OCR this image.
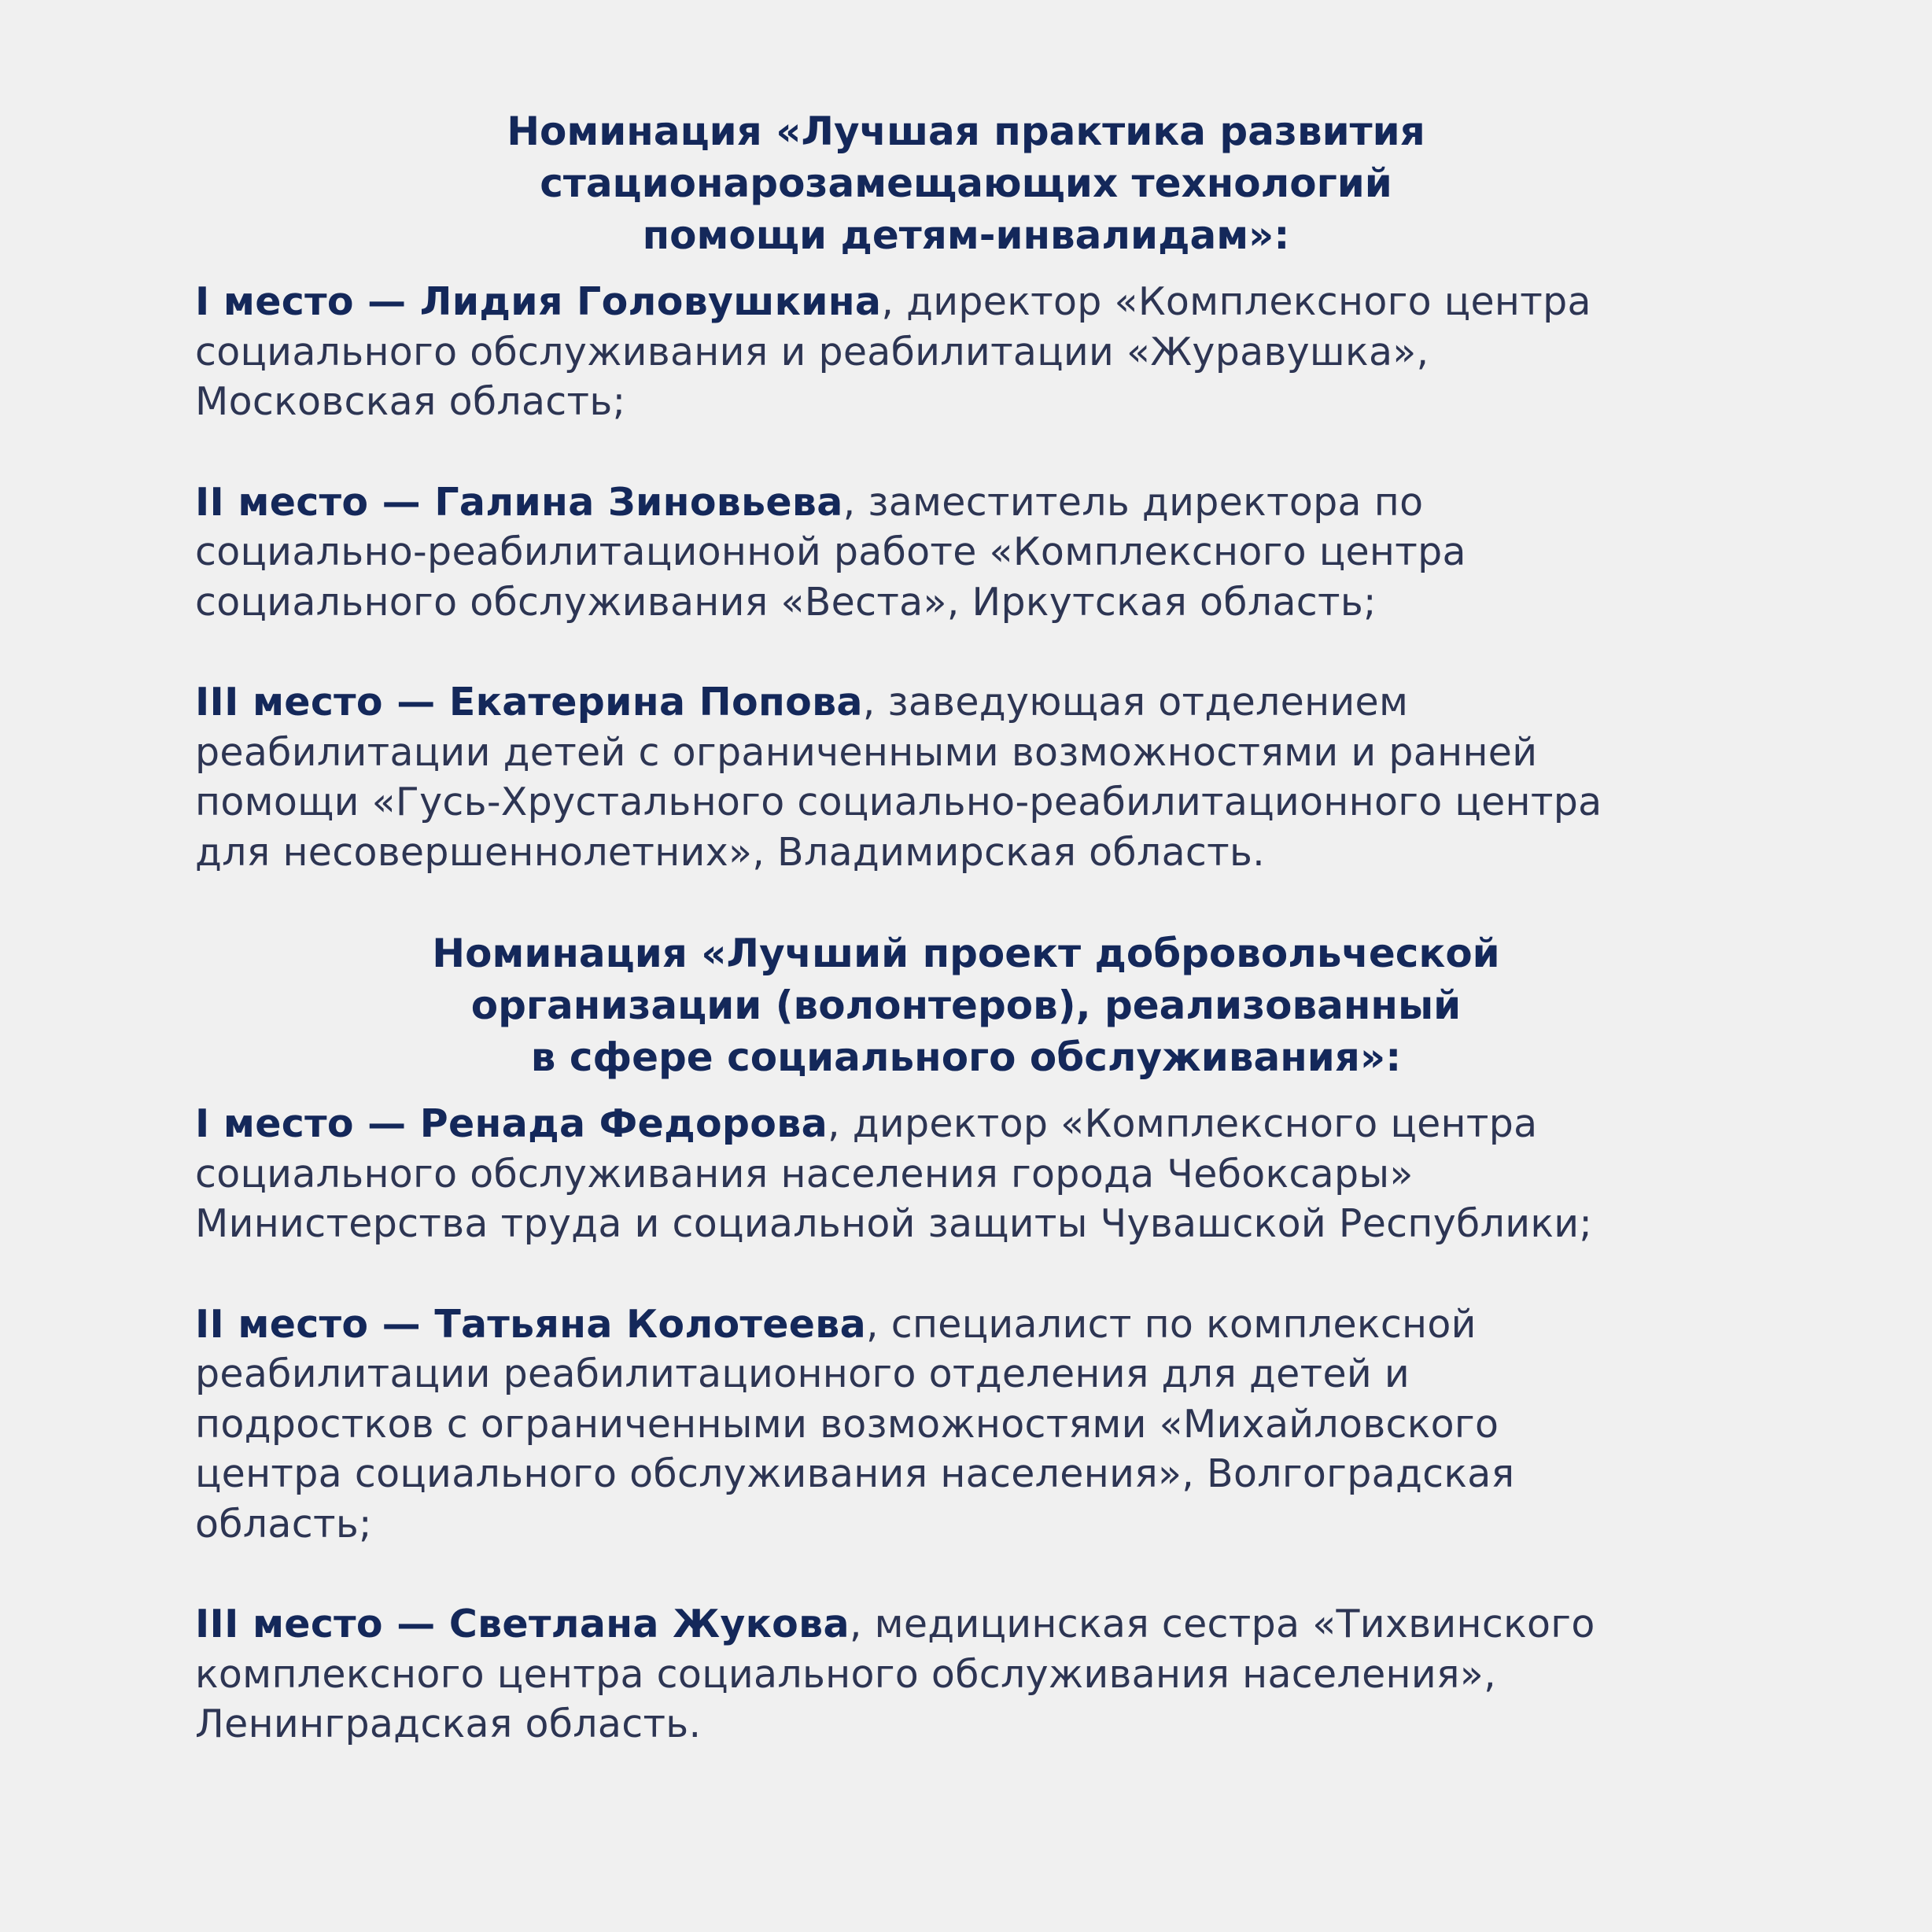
Номинация «Лучшая практика развития
стационарозамещающих технологий
помощи детям-инвалидам»:
I место — Лидия Головушкина, директор «Комплексного центра
социального обслуживания и реабилитации «Журавушка»,
Московская область;
II место — Галина Зиновьева, заместитель директора по
социально-реабилитационной работе «Комплексного центра
социального обслуживания «Веста», Иркутская область;
III место — Екатерина Попова, заведующая отделением
реабилитации детей с ограниченными возможностями и ранней
помощи «Гусь-Хрустального социально-реабилитационного центра
для несовершеннолетних», Владимирская область.
Номинация «Лучший проект добровольческой
организации (волонтеров), реализованный
в сфере социального обслуживания»:
I место — Ренада Федорова, директор «Комплексного центра
социального обслуживания населения города Чебоксары»
Министерства труда и социальной защиты Чувашской Республики;
II место — Татьяна Колотеева, специалист по комплексной
реабилитации реабилитационного отделения для детей и
подростков с ограниченными возможностями «Михайловского
центра социального обслуживания населения», Волгоградская
область;
III место — Светлана Жукова, медицинская сестра «Тихвинского
комплексного центра социального обслуживания населения»,
Ленинградская область.
